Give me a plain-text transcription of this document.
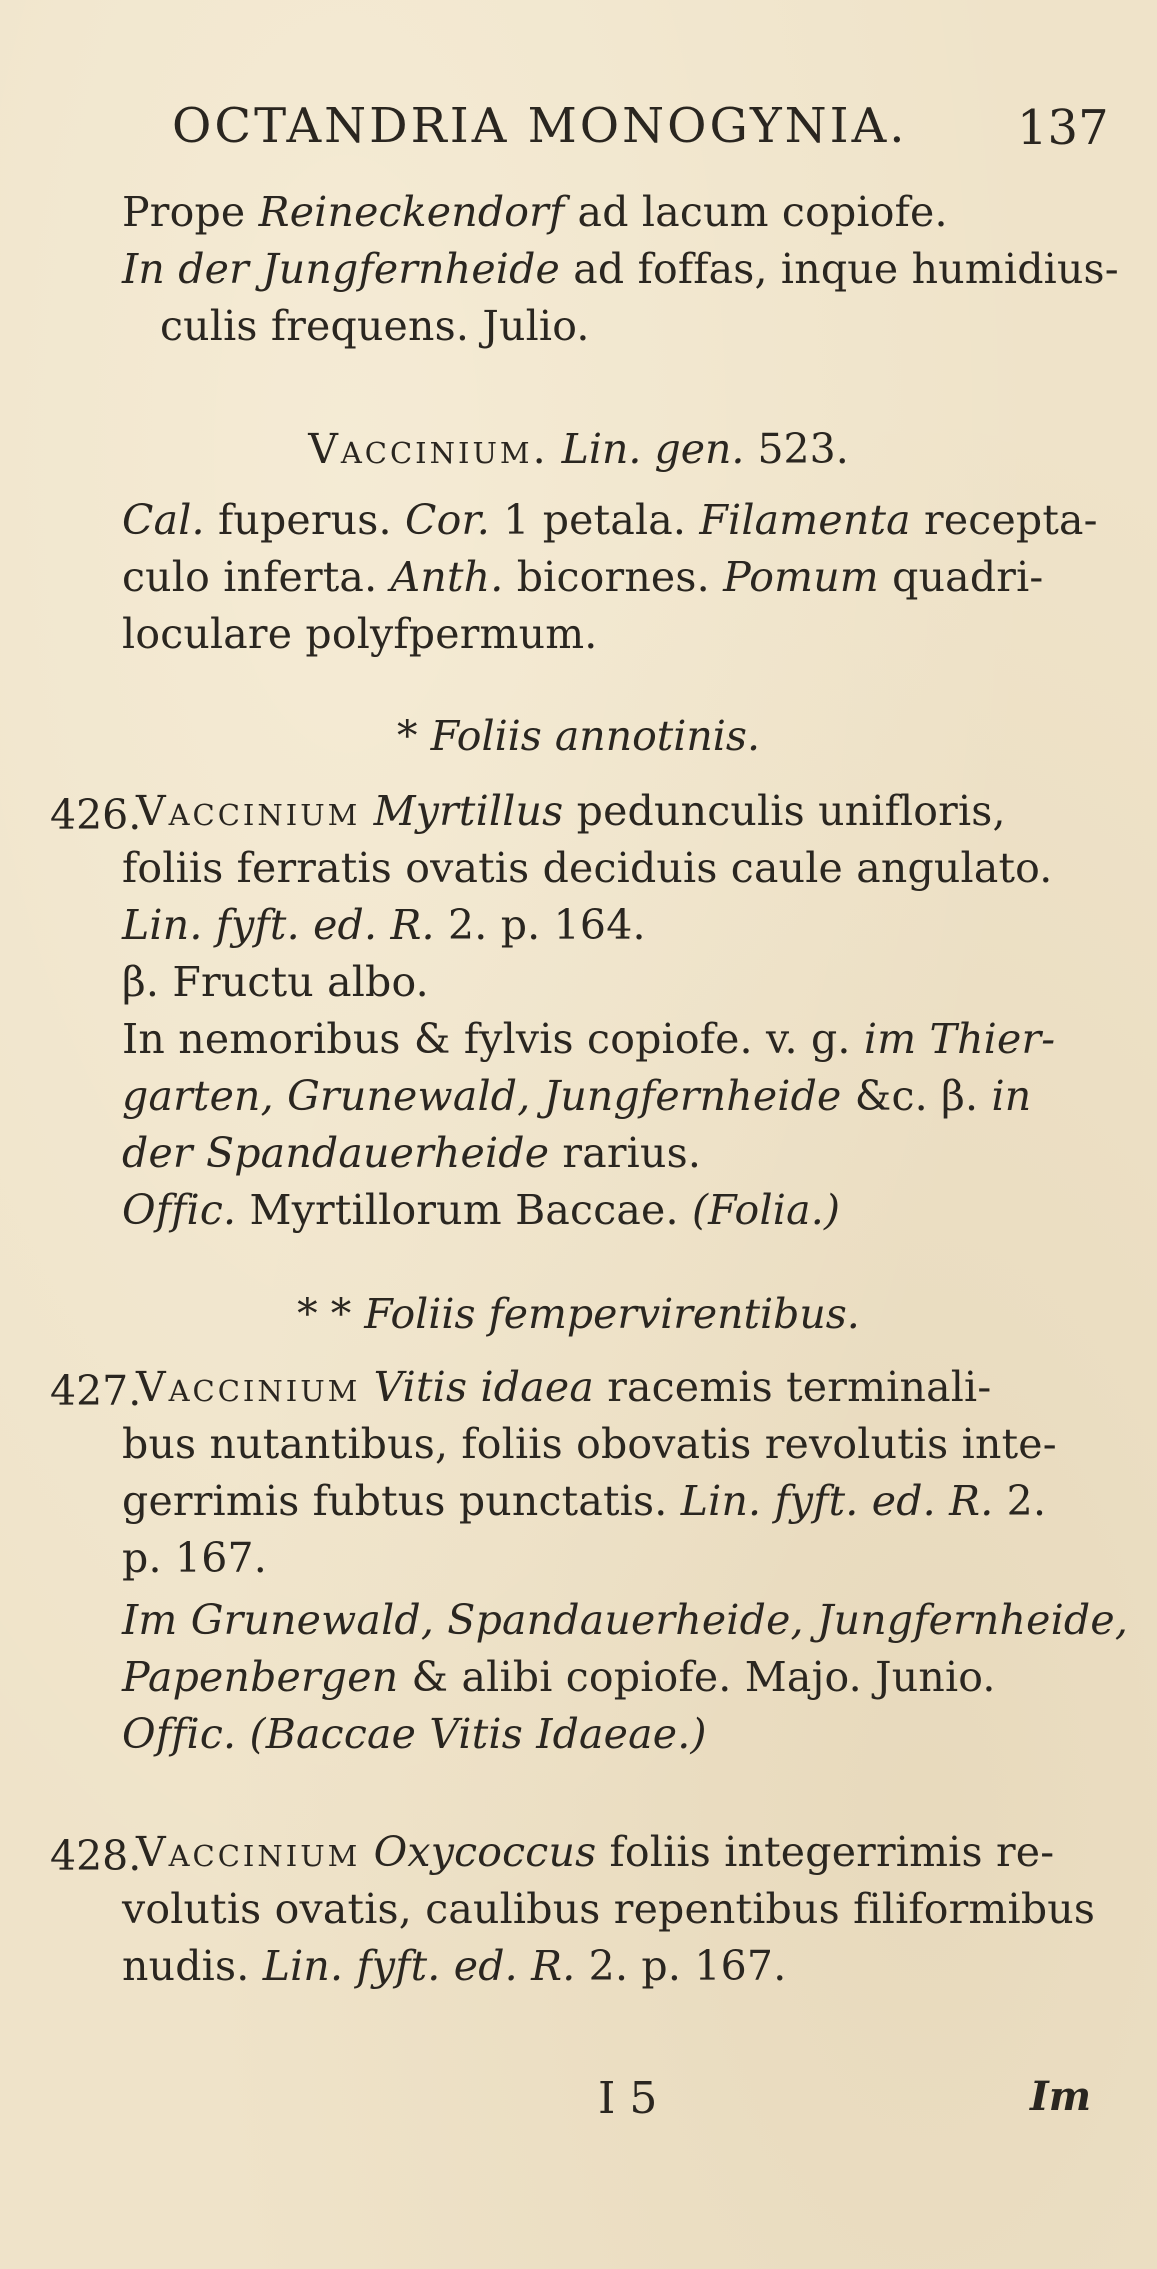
OCTANDRIA MONOGYNIA. 137
Prope Reineckendorf ad lacum copiofe.
In der Jungfernheide ad foffas, inque humidius-
culis frequens. Julio.
Vaccinium. Lin. gen. 523.
Cal. fuperus. Cor. 1 petala. Filamenta recepta-
culo inferta. Anth. bicornes. Pomum quadri-
loculare polyfpermum.
* Foliis annotinis.
426.
Vaccinium Myrtillus pedunculis unifloris,
foliis ferratis ovatis deciduis caule angulato.
Lin. fyft. ed. R. 2. p. 164.
β. Fructu albo.
In nemoribus & fylvis copiofe. v. g. im Thier-
garten, Grunewald, Jungfernheide &c. β. in
der Spandauerheide rarius.
Offic. Myrtillorum Baccae. (Folia.)
* * Foliis fempervirentibus.
427.
Vaccinium Vitis idaea racemis terminali-
bus nutantibus, foliis obovatis revolutis inte-
gerrimis fubtus punctatis. Lin. fyft. ed. R. 2.
p. 167.
Im Grunewald, Spandauerheide, Jungfernheide,
Papenbergen & alibi copiofe. Majo. Junio.
Offic. (Baccae Vitis Idaeae.)
428.
Vaccinium Oxycoccus foliis integerrimis re-
volutis ovatis, caulibus repentibus filiformibus
nudis. Lin. fyft. ed. R. 2. p. 167.
I 5	Im
